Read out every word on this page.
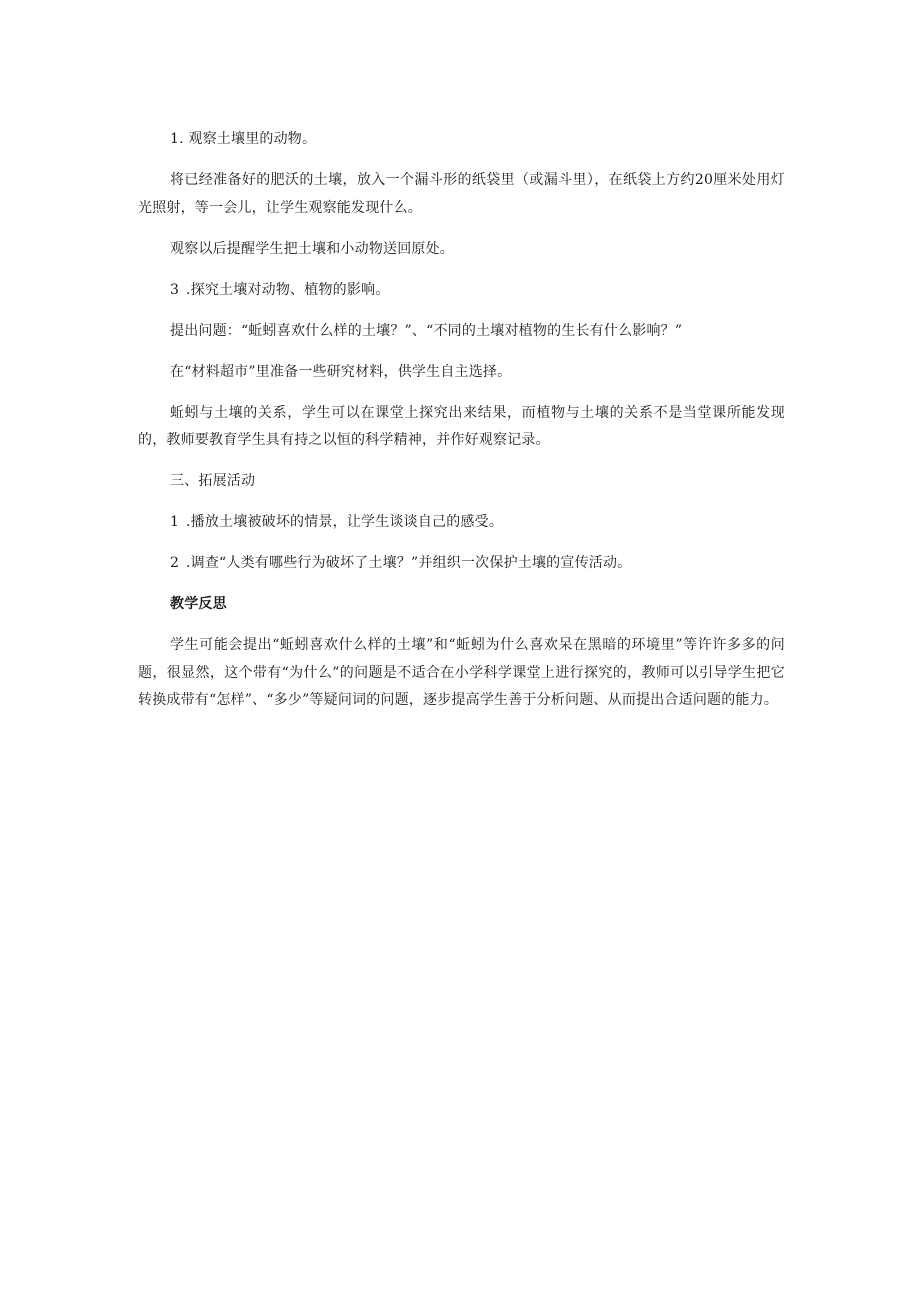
1. 观察土壤里的动物。

将已经准备好的肥沃的土壤，放入一个漏斗形的纸袋里（或漏斗里），在纸袋上方约20厘米处用灯光照射，等一会儿，让学生观察能发现什么。

观察以后提醒学生把土壤和小动物送回原处。

3 .探究土壤对动物、植物的影响。

提出问题：“蚯蚓喜欢什么样的土壤？”、“不同的土壤对植物的生长有什么影响？”

在“材料超市”里准备一些研究材料，供学生自主选择。

蚯蚓与土壤的关系，学生可以在课堂上探究出来结果，而植物与土壤的关系不是当堂课所能发现的，教师要教育学生具有持之以恒的科学精神，并作好观察记录。

三、拓展活动

1 .播放土壤被破坏的情景，让学生谈谈自己的感受。

2 .调查“人类有哪些行为破坏了土壤？”并组织一次保护土壤的宣传活动。

教学反思

学生可能会提出“蚯蚓喜欢什么样的土壤”和“蚯蚓为什么喜欢呆在黑暗的环境里”等许许多多的问题，很显然，这个带有“为什么”的问题是不适合在小学科学课堂上进行探究的，教师可以引导学生把它转换成带有“怎样”、“多少”等疑问词的问题，逐步提高学生善于分析问题、从而提出合适问题的能力。
